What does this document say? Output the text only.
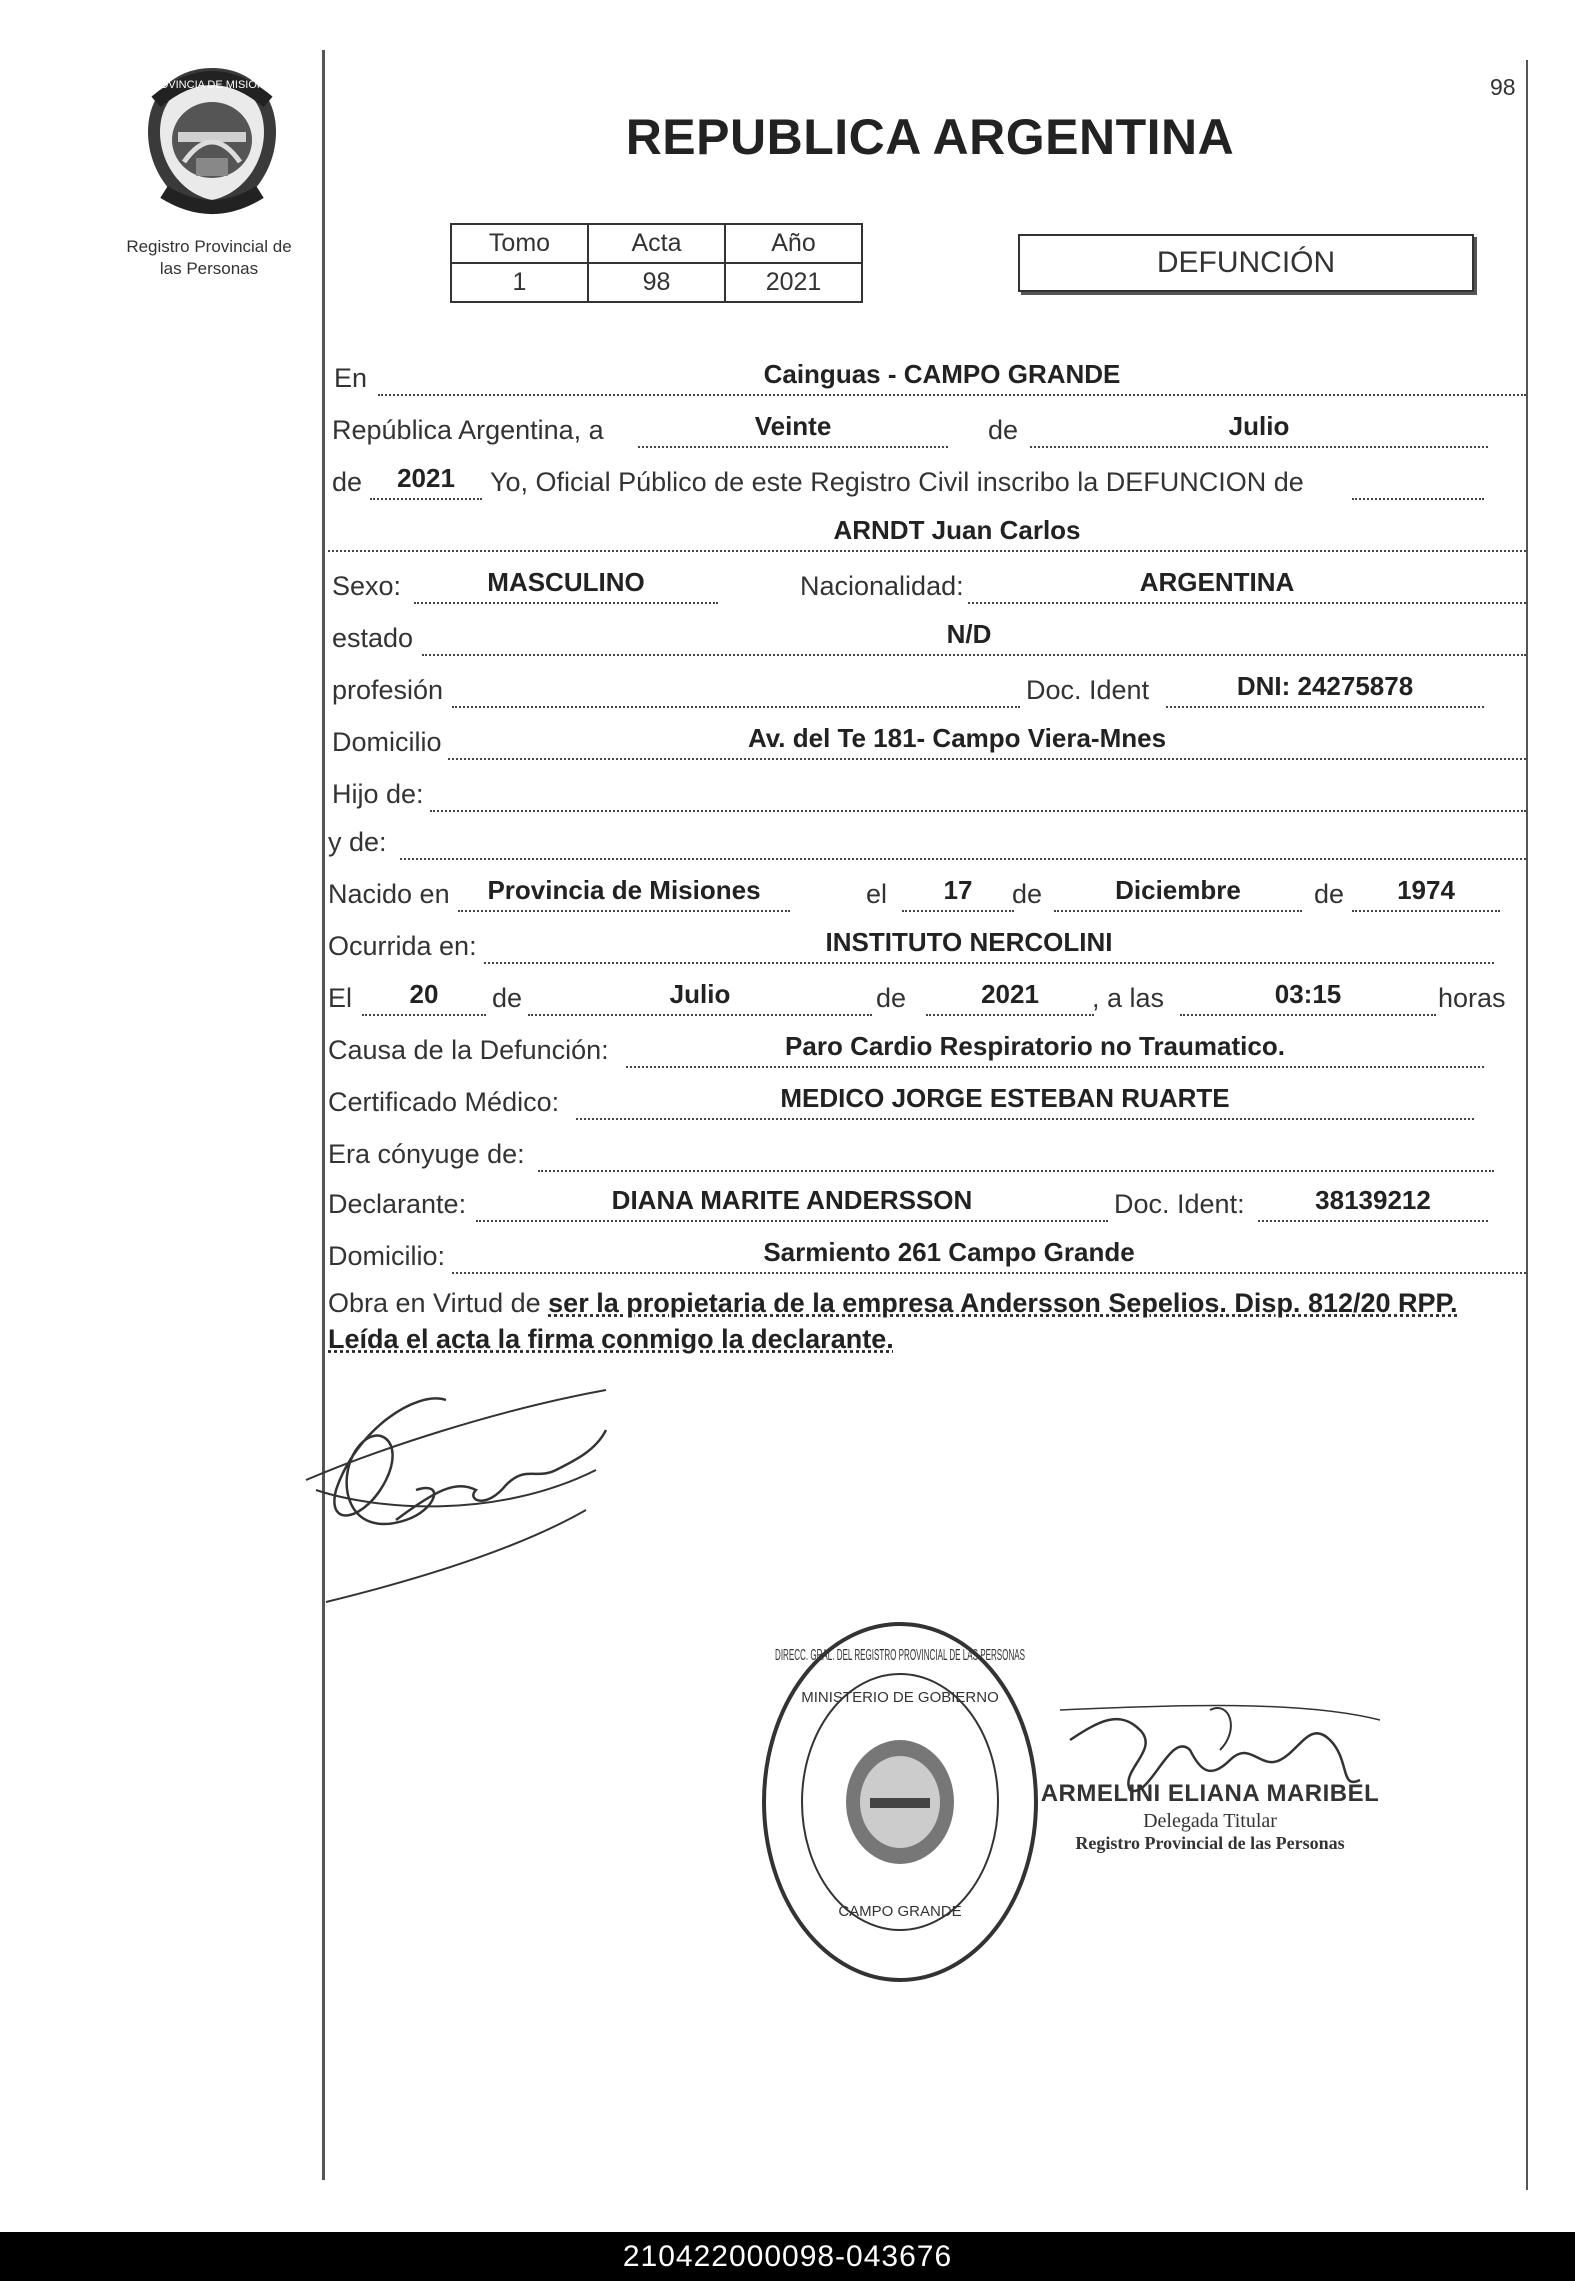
98
PROVINCIA DE MISIONES
Registro Provincial de
las Personas
REPUBLICA ARGENTINA
Tomo	Acta	Año
1	98	2021
DEFUNCIÓN
En	Cainguas - CAMPO GRANDE
República Argentina, a	Veinte	de	Julio
de	2021	Yo, Oficial Público de este Registro Civil inscribo la DEFUNCION de
ARNDT Juan Carlos
Sexo:	MASCULINO	Nacionalidad:	ARGENTINA
estado	N/D
profesión	Doc. Ident	DNI: 24275878
Domicilio	Av. del Te 181- Campo Viera-Mnes
Hijo de:
y de:
Nacido en	Provincia de Misiones	el	17	de	Diciembre	de	1974
Ocurrida en:	INSTITUTO NERCOLINI
El	20	de	Julio	de	2021	, a las	03:15	horas
Causa de la Defunción:	Paro Cardio Respiratorio no Traumatico.
Certificado Médico:	MEDICO JORGE ESTEBAN RUARTE
Era cónyuge de:
Declarante:	DIANA MARITE ANDERSSON	Doc. Ident:	38139212
Domicilio:	Sarmiento 261 Campo Grande
Obra en Virtud de ser la propietaria de la empresa Andersson Sepelios. Disp. 812/20 RPP.
Leída el acta la firma conmigo la declarante.
DIRECC. GRAL. DEL REGISTRO PROVINCIAL DE LAS PERSONAS
MINISTERIO DE GOBIERNO
CAMPO GRANDE
ARMELINI ELIANA MARIBEL
Delegada Titular
Registro Provincial de las Personas
210422000098-043676
